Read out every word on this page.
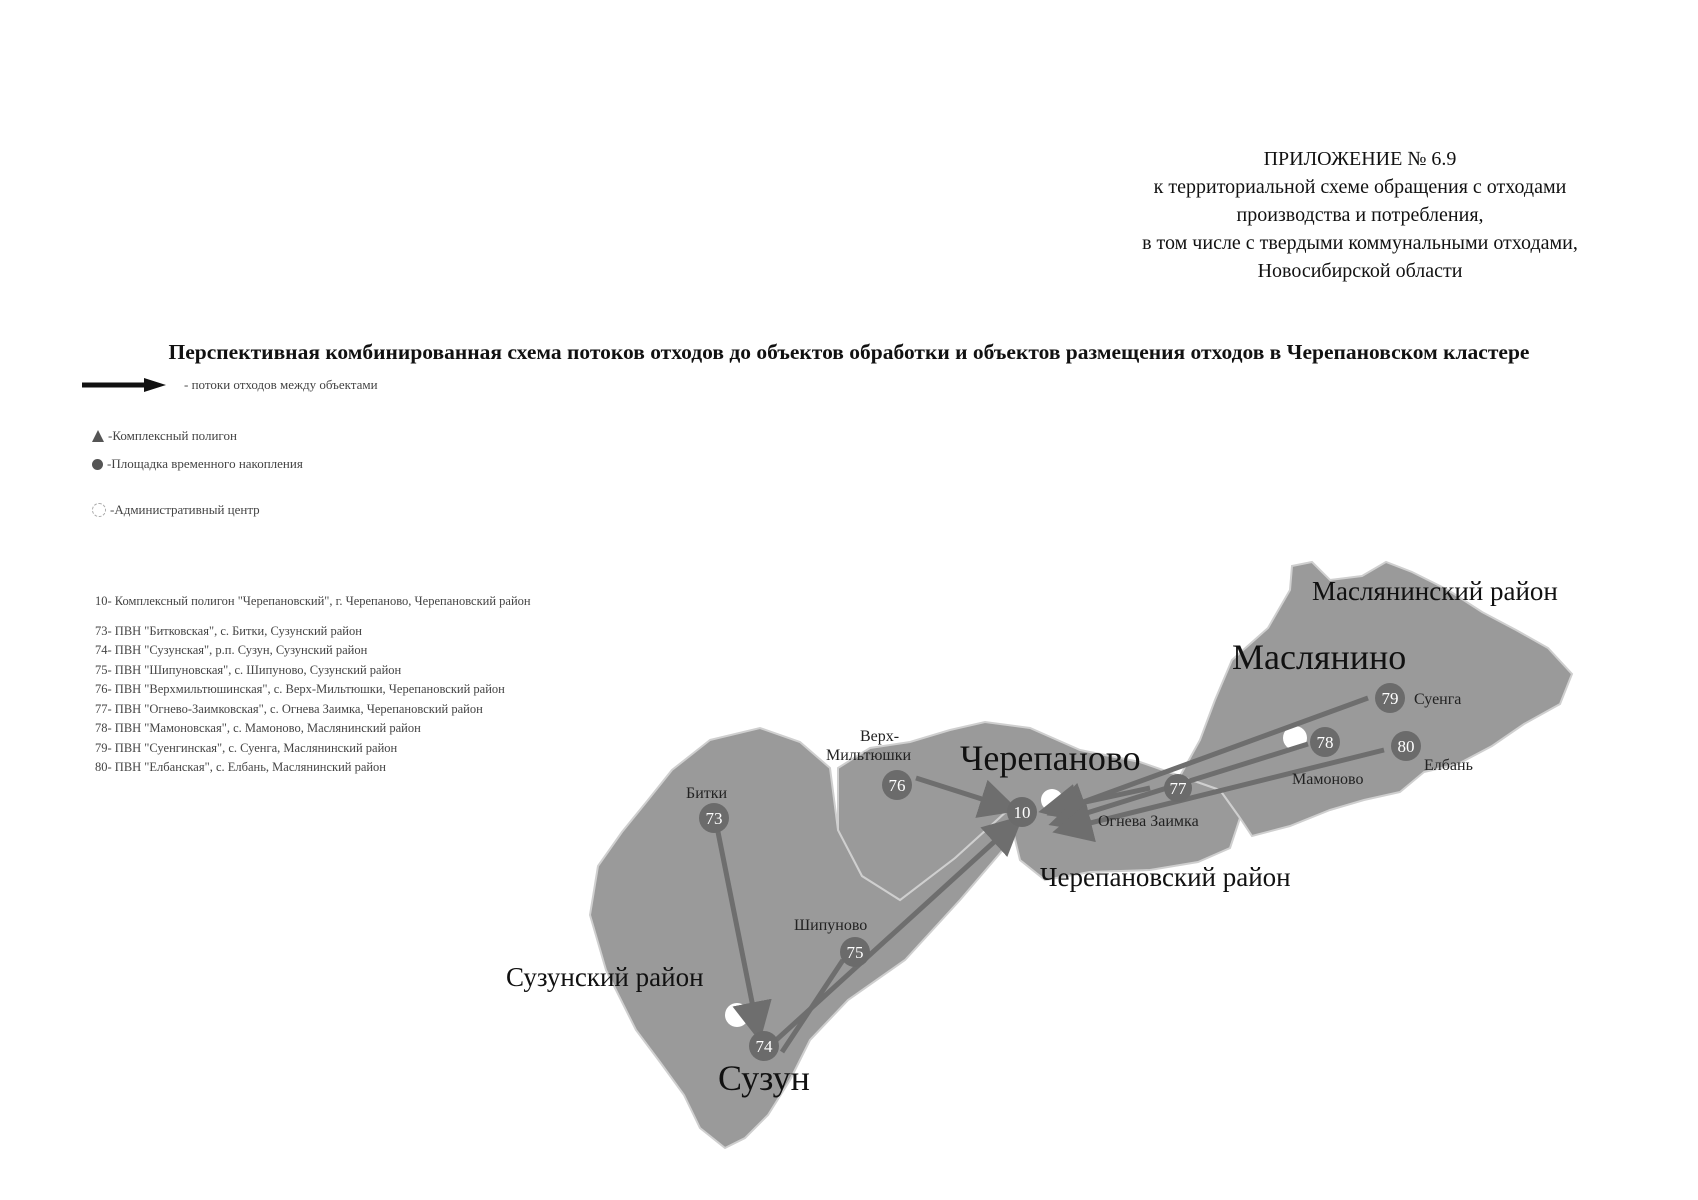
ПРИЛОЖЕНИЕ № 6.9
к территориальной схеме обращения с отходами
производства и потребления,
в том числе с твердыми коммунальными отходами,
Новосибирской области
Перспективная комбинированная схема потоков отходов до объектов обработки и объектов размещения отходов в Черепановском кластере
- потоки отходов между объектами
-Комплексный полигон
-Площадка временного накопления
-Административный центр
10- Комплексный полигон "Черепановский", г. Черепаново, Черепановский район
73- ПВН "Битковская", с. Битки, Сузунский район
74- ПВН "Сузунская", р.п. Сузун, Сузунский район
75- ПВН "Шипуновская", с. Шипуново, Сузунский район
76- ПВН "Верхмильтюшинская", с. Верх-Мильтюшки, Черепановский район
77- ПВН "Огнево-Заимковская", с. Огнева Заимка, Черепановский район
78- ПВН "Мамоновская", с. Мамоново, Маслянинский район
79- ПВН "Суенгинская", с. Суенга, Маслянинский район
80- ПВН "Елбанская", с. Елбань, Маслянинский район
10
73
74
75
76	77
78
79
80
Маслянинский район
Маслянино
Черепаново
Черепановский район
Сузунский район
Сузун
Суенга
Елбань
Мамоново
Огнева Заимка
Верх-
Мильтюшки
Битки
Шипуново
